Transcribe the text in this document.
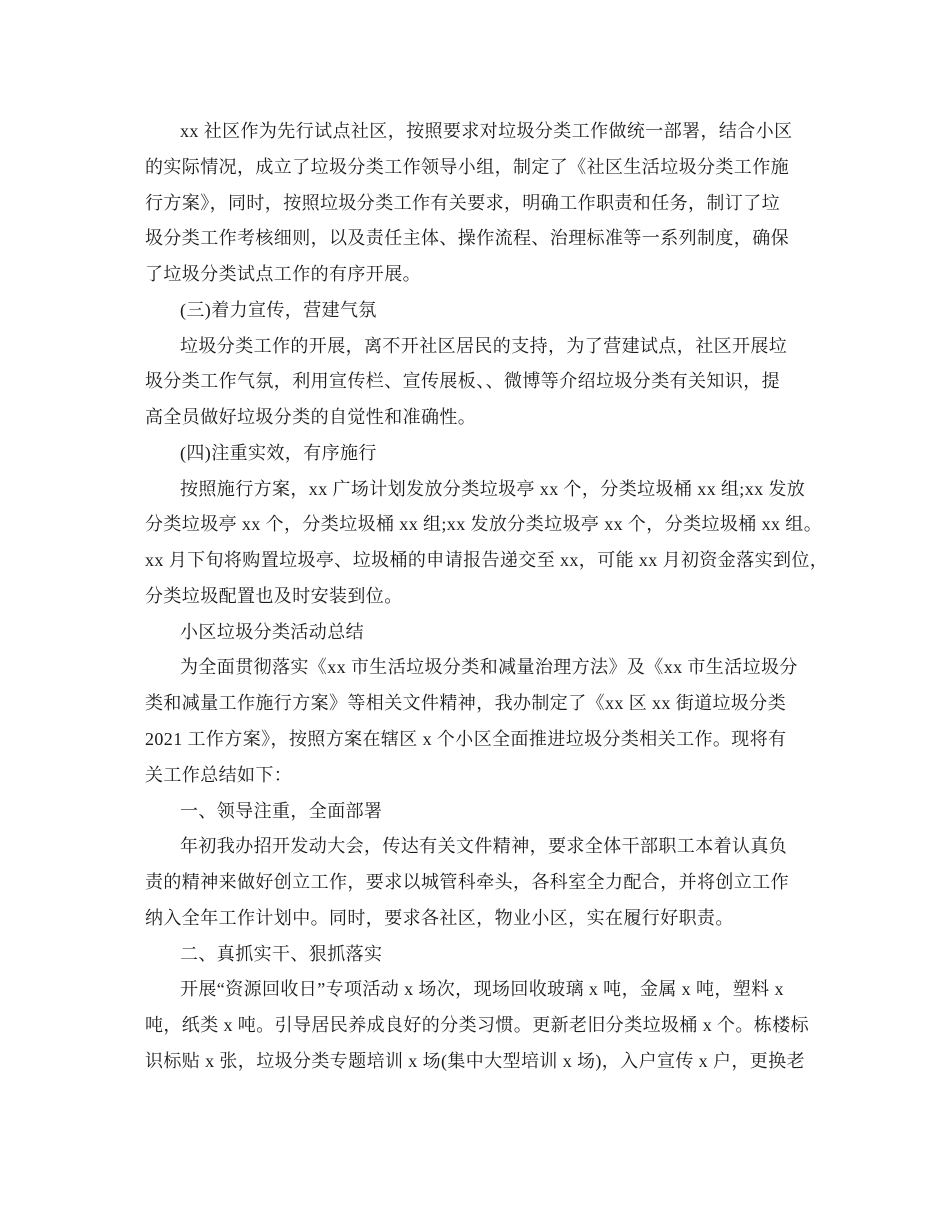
xx 社区作为先行试点社区，按照要求对垃圾分类工作做统一部署，结合小区
的实际情况，成立了垃圾分类工作领导小组，制定了《社区生活垃圾分类工作施
行方案》，同时，按照垃圾分类工作有关要求，明确工作职责和任务，制订了垃
圾分类工作考核细则，以及责任主体、操作流程、治理标准等一系列制度，确保
了垃圾分类试点工作的有序开展。
(三)着力宣传，营建气氛
垃圾分类工作的开展，离不开社区居民的支持，为了营建试点，社区开展垃
圾分类工作气氛，利用宣传栏、宣传展板、、微博等介绍垃圾分类有关知识，提
高全员做好垃圾分类的自觉性和准确性。
(四)注重实效，有序施行
按照施行方案，xx 广场计划发放分类垃圾亭 xx 个，分类垃圾桶 xx 组;xx 发放
分类垃圾亭 xx 个，分类垃圾桶 xx 组;xx 发放分类垃圾亭 xx 个，分类垃圾桶 xx 组。
xx 月下旬将购置垃圾亭、垃圾桶的申请报告递交至 xx，可能 xx 月初资金落实到位，
分类垃圾配置也及时安装到位。
小区垃圾分类活动总结
为全面贯彻落实《xx 市生活垃圾分类和减量治理方法》及《xx 市生活垃圾分
类和减量工作施行方案》等相关文件精神，我办制定了《xx 区 xx 街道垃圾分类
2021 工作方案》，按照方案在辖区 x 个小区全面推进垃圾分类相关工作。现将有
关工作总结如下：
一、领导注重，全面部署
年初我办招开发动大会，传达有关文件精神，要求全体干部职工本着认真负
责的精神来做好创立工作，要求以城管科牵头，各科室全力配合，并将创立工作
纳入全年工作计划中。同时，要求各社区，物业小区，实在履行好职责。
二、真抓实干、狠抓落实
开展“资源回收日”专项活动 x 场次，现场回收玻璃 x 吨，金属 x 吨，塑料 x
吨，纸类 x 吨。引导居民养成良好的分类习惯。更新老旧分类垃圾桶 x 个。栋楼标
识标贴 x 张，垃圾分类专题培训 x 场(集中大型培训 x 场)，入户宣传 x 户，更换老
